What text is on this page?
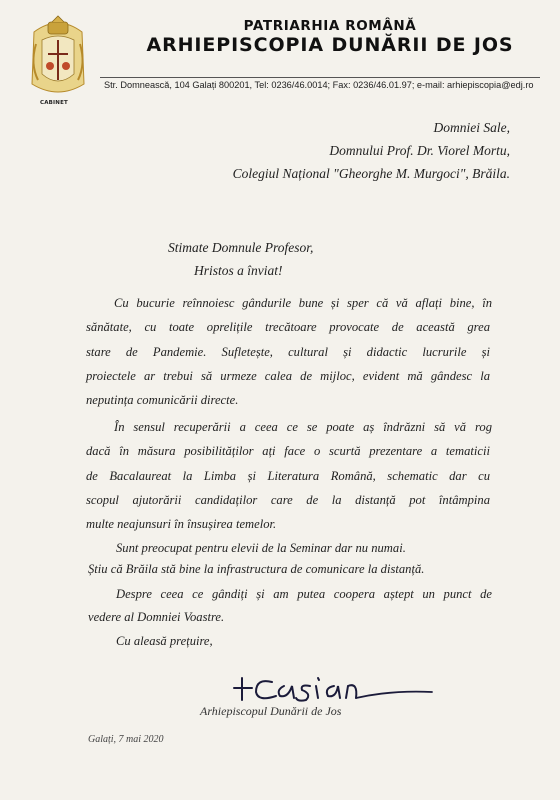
CABINET
PATRIARHIA ROMÂNĂ
ARHIEPISCOPIA DUNĂRII DE JOS
Str. Domnească, 104 Galați 800201, Tel: 0236/46.0014; Fax: 0236/46.01.97; e-mail: arhiepiscopia@edj.ro
Domniei Sale,
Domnului Prof. Dr. Viorel Mortu,
Colegiul Național "Gheorghe M. Murgoci", Brăila.
Stimate Domnule Profesor,
Hristos a înviat!
Cu bucurie reînnoiesc gândurile bune și sper că vă aflați bine, în
sănătate, cu toate oprelițile trecătoare provocate de această grea
stare de Pandemie. Sufletește, cultural și didactic lucrurile și
proiectele ar trebui să urmeze calea de mijloc, evident mă gândesc la
neputința comunicării directe.
În sensul recuperării a ceea ce se poate aș îndrăzni să vă rog
dacă în măsura posibilităților ați face o scurtă prezentare a tematicii
de Bacalaureat la Limba și Literatura Română, schematic dar cu
scopul ajutorării candidaților care de la distanță pot întâmpina
multe neajunsuri în însușirea temelor.
Sunt preocupat pentru elevii de la Seminar dar nu numai.
Știu că Brăila stă bine la infrastructura de comunicare la distanță.
Despre ceea ce gândiți și am putea coopera aștept un punct de
vedere al Domniei Voastre.
Cu aleasă prețuire,
Arhiepiscopul Dunării de Jos
Galați, 7 mai 2020
